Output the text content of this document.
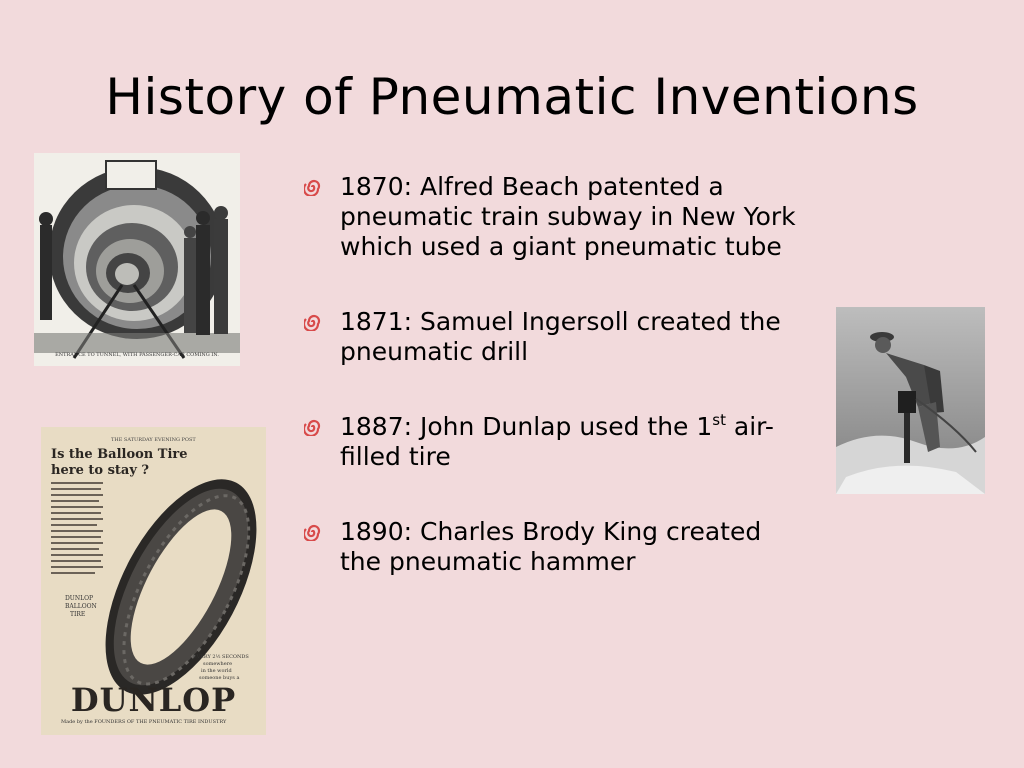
History of Pneumatic Inventions
ENTRANCE TO TUNNEL, WITH PASSENGER-CAR COMING IN.
THE SATURDAY EVENING POST
Is the Balloon Tire
here to stay ?
DUNLOP
BALLOON
TIRE
EVERY 2½ SECONDS
somewhere
in the world
someone buys a
DUNLOP
Made by the FOUNDERS OF THE PNEUMATIC TIRE INDUSTRY
1870: Alfred Beach patented a pneumatic train subway in New York which used a giant pneumatic tube
1871: Samuel Ingersoll created the pneumatic drill
1887: John Dunlap used the 1st air-filled tire
1890: Charles Brody King created the pneumatic hammer
